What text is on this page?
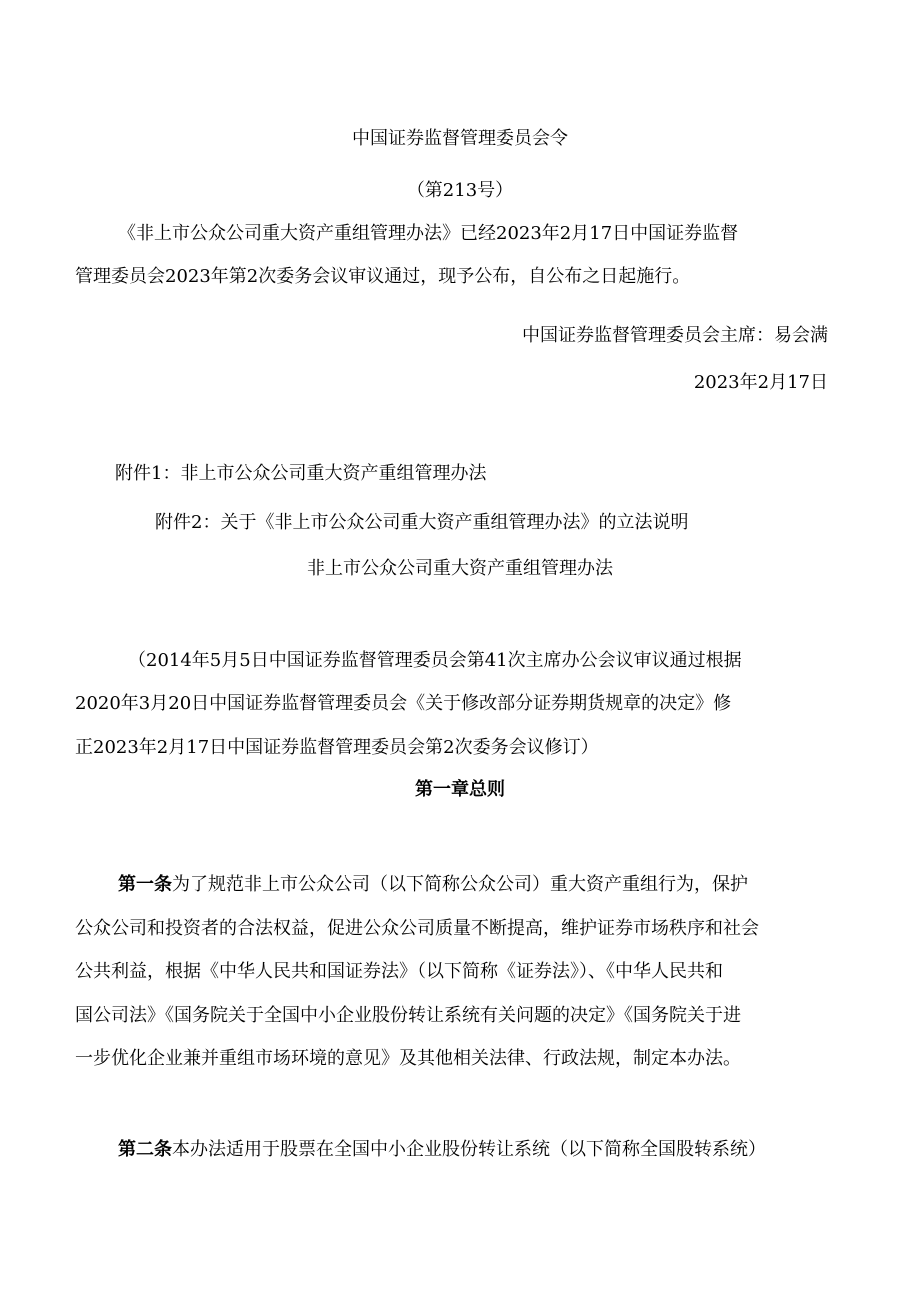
中国证券监督管理委员会令
（第213号）
《非上市公众公司重大资产重组管理办法》已经2023年2月17日中国证券监督
管理委员会2023年第2次委务会议审议通过，现予公布，自公布之日起施行。
中国证券监督管理委员会主席：易会满
2023年2月17日
附件1：非上市公众公司重大资产重组管理办法
附件2：关于《非上市公众公司重大资产重组管理办法》的立法说明
非上市公众公司重大资产重组管理办法
（2014年5月5日中国证券监督管理委员会第41次主席办公会议审议通过根据
2020年3月20日中国证券监督管理委员会《关于修改部分证券期货规章的决定》修
正2023年2月17日中国证券监督管理委员会第2次委务会议修订）
第一章总则
第一条为了规范非上市公众公司（以下简称公众公司）重大资产重组行为，保护
公众公司和投资者的合法权益，促进公众公司质量不断提高，维护证券市场秩序和社会
公共利益，根据《中华人民共和国证券法》（以下简称《证券法》）、《中华人民共和
国公司法》《国务院关于全国中小企业股份转让系统有关问题的决定》《国务院关于进
一步优化企业兼并重组市场环境的意见》及其他相关法律、行政法规，制定本办法。
第二条本办法适用于股票在全国中小企业股份转让系统（以下简称全国股转系统）
